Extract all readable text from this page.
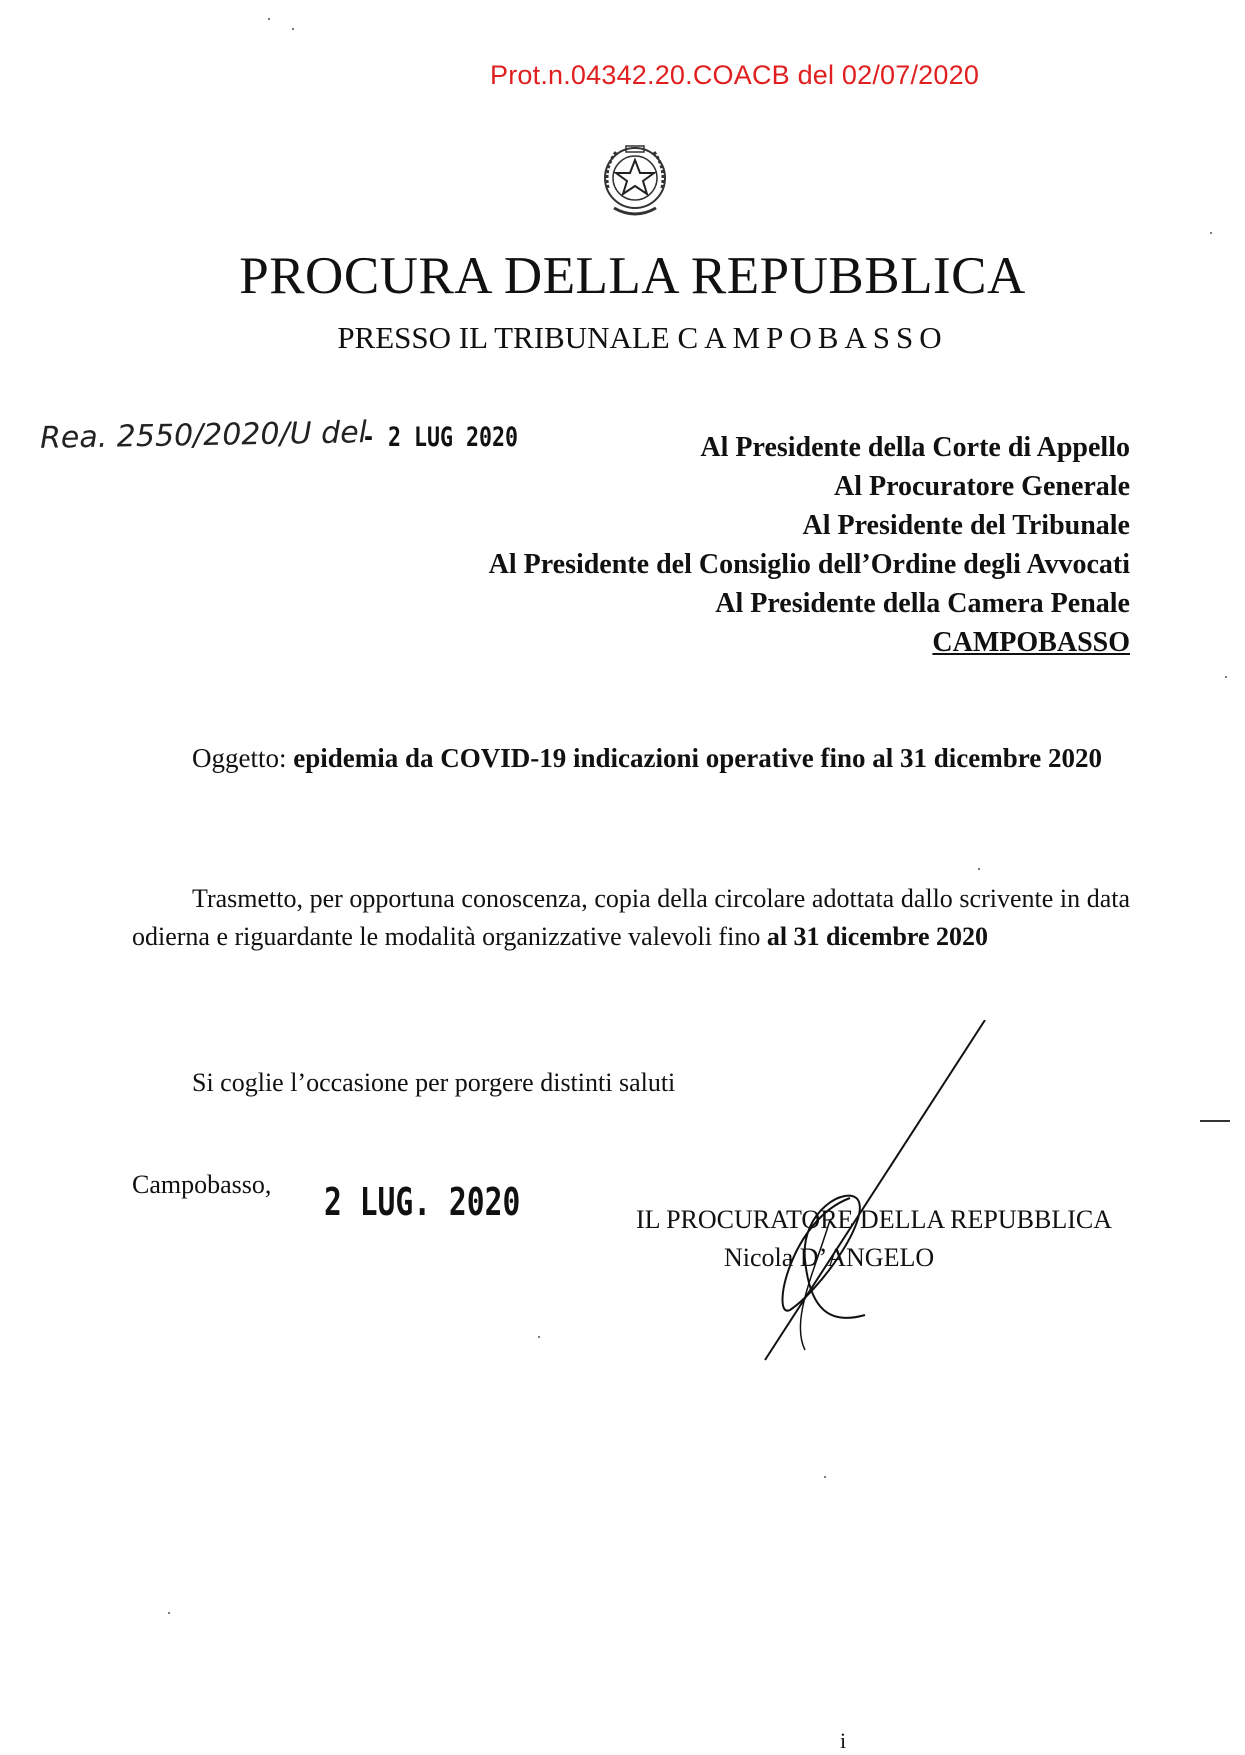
Prot.n.04342.20.COACB del 02/07/2020
PROCURA DELLA REPUBBLICA
PRESSO IL TRIBUNALE CAMPOBASSO
Rea. 2550/2020/U del
- 2 LUG 2020	Al Presidente della Corte di Appello
Al Procuratore Generale
Al Presidente del Tribunale
Al Presidente del Consiglio dell’Ordine degli Avvocati
Al Presidente della Camera Penale
CAMPOBASSO
Oggetto: epidemia da COVID-19 indicazioni operative fino al 31 dicembre 2020
Trasmetto, per opportuna conoscenza, copia della circolare adottata dallo scrivente in data odierna e riguardante le modalità organizzative valevoli fino al 31 dicembre 2020
Si coglie l’occasione per porgere distinti saluti
Campobasso, 2 LUG. 2020	IL PROCURATORE DELLA REPUBBLICA
Nicola D’ANGELO
i
